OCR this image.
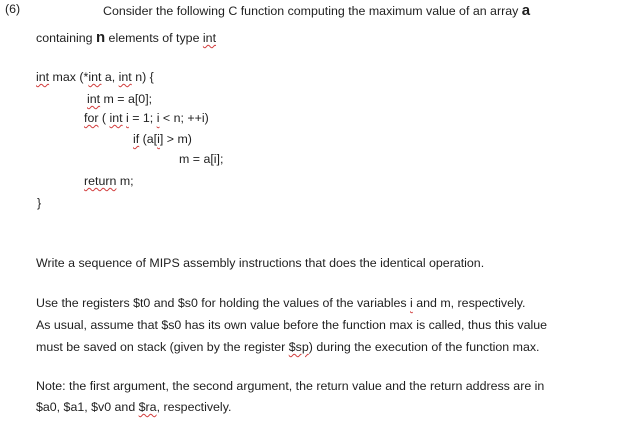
(6)	Consider the following C function computing the maximum value of an array a
containing n elements of type int
int max (*int a, int n) {
int m = a[0];
for ( int i = 1; i < n; ++i)
if (a[i] > m)
m = a[i];
return m;
}
Write a sequence of MIPS assembly instructions that does the identical operation.
Use the registers $t0 and $s0 for holding the values of the variables i and m, respectively.
As usual, assume that $s0 has its own value before the function max is called, thus this value
must be saved on stack (given by the register $sp) during the execution of the function max.
Note: the first argument, the second argument, the return value and the return address are in
$a0, $a1, $v0 and $ra, respectively.
